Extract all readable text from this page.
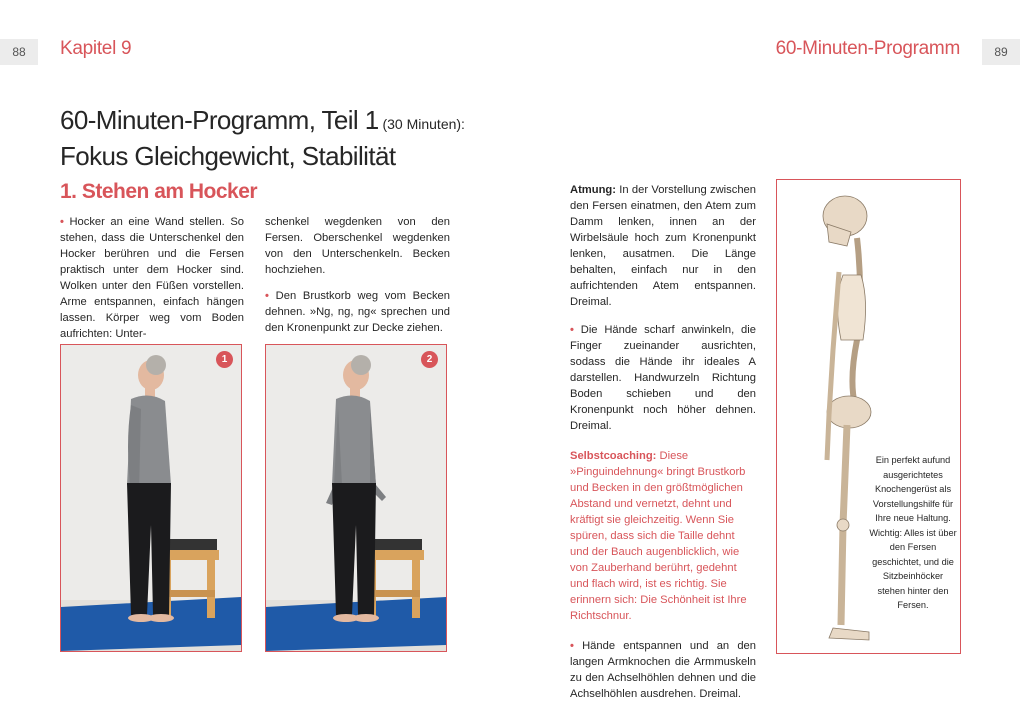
88	Kapitel 9	60-Minuten-Programm	89
60-Minuten-Programm, Teil 1 (30 Minuten):
Fokus Gleichgewicht, Stabilität
1. Stehen am Hocker

• Hocker an eine Wand stellen. So stehen, dass die Unterschenkel den Hocker berühren und die Fersen praktisch unter dem Hocker sind. Wolken unter den Füßen vorstellen. Arme entspannen, einfach hängen lassen. Körper weg vom Boden aufrichten: Unter-

schenkel wegdenken von den Fersen. Oberschenkel wegdenken von den Unterschenkeln. Becken hochziehen.

• Den Brustkorb weg vom Becken dehnen. »Ng, ng, ng« sprechen und den Kronenpunkt zur Decke ziehen.

1	2

Atmung: In der Vorstellung zwischen den Fersen einatmen, den Atem zum Damm lenken, innen an der Wirbelsäule hoch zum Kronenpunkt lenken, ausatmen. Die Länge behalten, einfach nur in den aufrichtenden Atem entspannen. Dreimal.

• Die Hände scharf anwinkeln, die Finger zueinander ausrichten, sodass die Hände ihr ideales A darstellen. Handwurzeln Richtung Boden schieben und den Kronenpunkt noch höher dehnen. Dreimal.

Selbstcoaching: Diese »Pinguindehnung« bringt Brustkorb und Becken in den größtmöglichen Abstand und vernetzt, dehnt und kräftigt sie gleichzeitig. Wenn Sie spüren, dass sich die Taille dehnt und der Bauch augenblicklich, wie von Zauberhand berührt, gedehnt und flach wird, ist es richtig. Sie erinnern sich: Die Schönheit ist Ihre Richtschnur.

• Hände entspannen und an den langen Armknochen die Armmuskeln zu den Achselhöhlen dehnen und die Achselhöhlen ausdrehen. Dreimal.

Ein perfekt aufund ausgerichtetes Knochengerüst als Vorstellungshilfe für Ihre neue Haltung. Wichtig: Alles ist über den Fersen geschichtet, und die Sitzbeinhöcker stehen hinter den Fersen.
